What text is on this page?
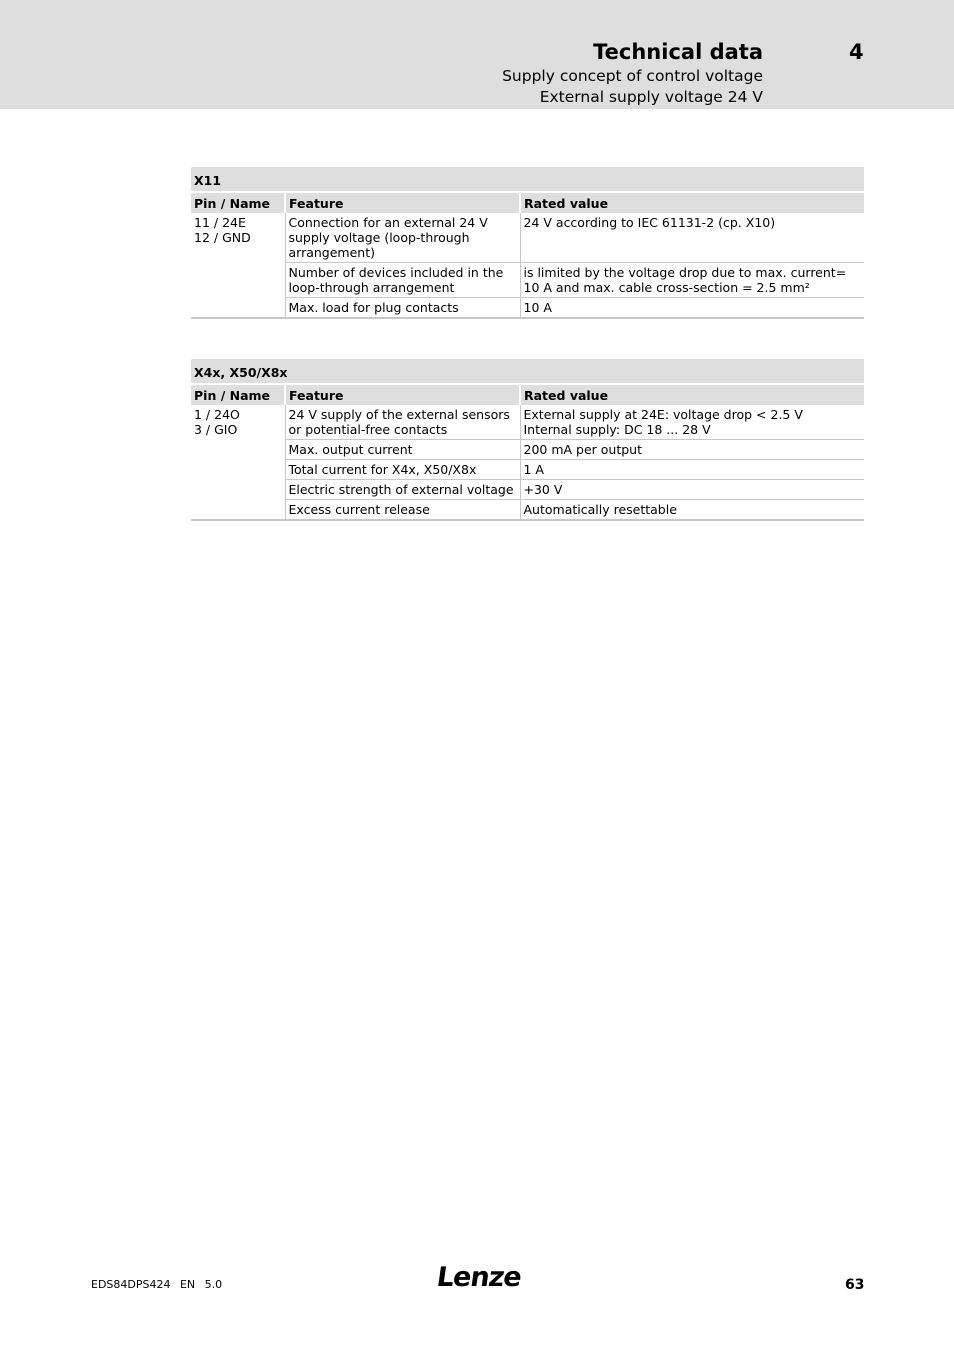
Technical data	4
Supply concept of control voltage
External supply voltage 24 V
X11		
Pin / Name	Feature	Rated value

11 / 24E
12 / GND	Connection for an external 24 V supply voltage (loop-through arrangement)	24 V according to IEC 61131-2 (cp. X10)

	Number of devices included in the loop-through arrangement	is limited by the voltage drop due to max. current= 10 A and max. cable cross-section = 2.5 mm²

	Max. load for plug contacts	10 A
X4x, X50/X8x		
Pin / Name	Feature	Rated value

1 / 24O
3 / GIO	24 V supply of the external sensors or potential-free contacts	External supply at 24E: voltage drop < 2.5 V
Internal supply: DC 18 ... 28 V

	Max. output current	200 mA per output

	Total current for X4x, X50/X8x	1 A

	Electric strength of external voltage	+30 V

	Excess current release	Automatically resettable
EDS84DPS424 EN 5.0	Lenze	63
